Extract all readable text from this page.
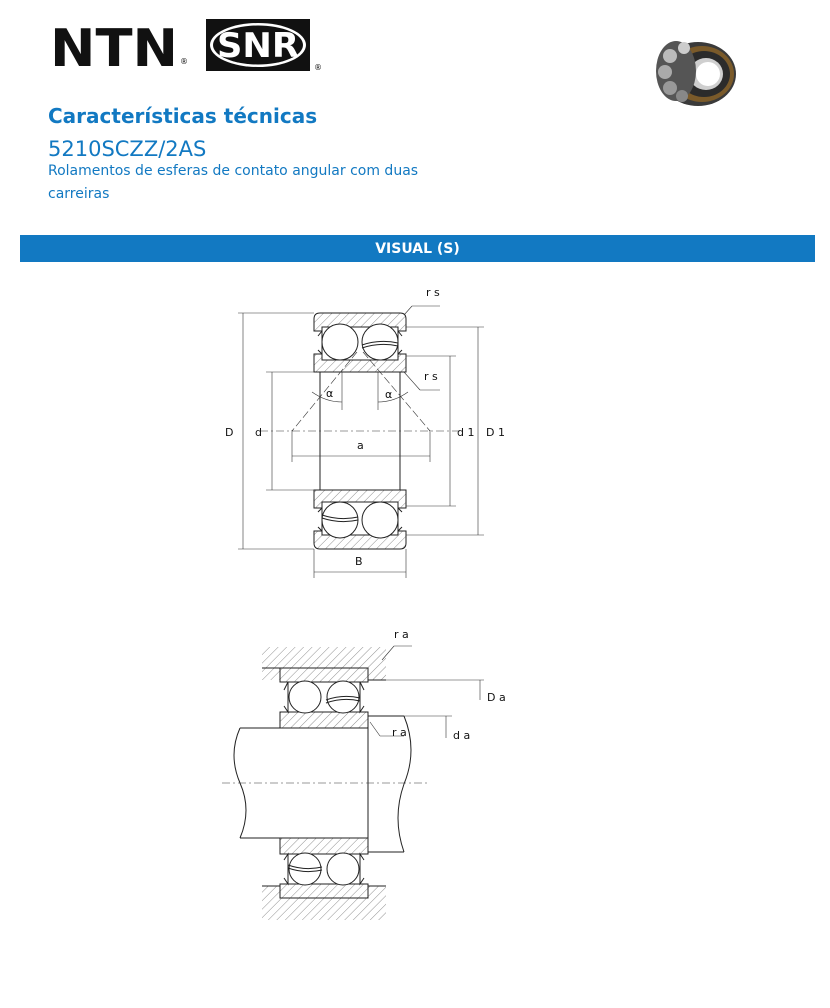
NTN ® SNR
®
Características técnicas
5210SCZZ/2AS

Rolamentos de esferas de contato angular com duas carreiras

VISUAL (S)
r s
r s
α	α
D d
a
d 1 D 1
B
r a
r a
D a
d a
